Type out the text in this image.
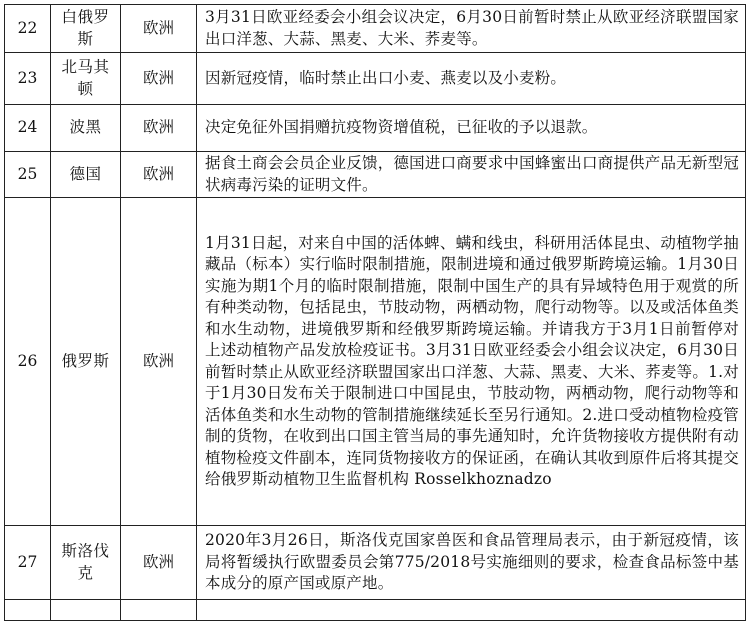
22	白俄罗斯	欧洲	3月31日欧亚经委会小组会议决定，6月30日前暂时禁止从欧亚经济联盟国家出口洋葱、大蒜、黑麦、大米、荞麦等。
23	北马其顿	欧洲	因新冠疫情，临时禁止出口小麦、燕麦以及小麦粉。
24	波黑	欧洲	决定免征外国捐赠抗疫物资增值税，已征收的予以退款。
25	德国	欧洲	据食土商会会员企业反馈，德国进口商要求中国蜂蜜出口商提供产品无新型冠状病毒污染的证明文件。
26	俄罗斯	欧洲	1月31日起，对来自中国的活体蜱、螨和线虫，科研用活体昆虫、动植物学抽藏品（标本）实行临时限制措施，限制进境和通过俄罗斯跨境运输。1月30日实施为期1个月的临时限制措施，限制中国生产的具有异域特色用于观赏的所有种类动物，包括昆虫，节肢动物，两栖动物，爬行动物等。以及或活体鱼类和水生动物，进境俄罗斯和经俄罗斯跨境运输。并请我方于3月1日前暂停对上述动植物产品发放检疫证书。3月31日欧亚经委会小组会议决定，6月30日前暂时禁止从欧亚经济联盟国家出口洋葱、大蒜、黑麦、大米、荞麦等。1.对于1月30日发布关于限制进口中国昆虫，节肢动物，两栖动物，爬行动物等和活体鱼类和水生动物的管制措施继续延长至另行通知。2.进口受动植物检疫管制的货物，在收到出口国主管当局的事先通知时，允许货物接收方提供附有动植物检疫文件副本，连同货物接收方的保证函，在确认其收到原件后将其提交给俄罗斯动植物卫生监督机构 Rosselkhoznadzo
27	斯洛伐克	欧洲	2020年3月26日，斯洛伐克国家兽医和食品管理局表示，由于新冠疫情，该局将暂缓执行欧盟委员会第775/2018号实施细则的要求，检查食品标签中基本成分的原产国或原产地。
